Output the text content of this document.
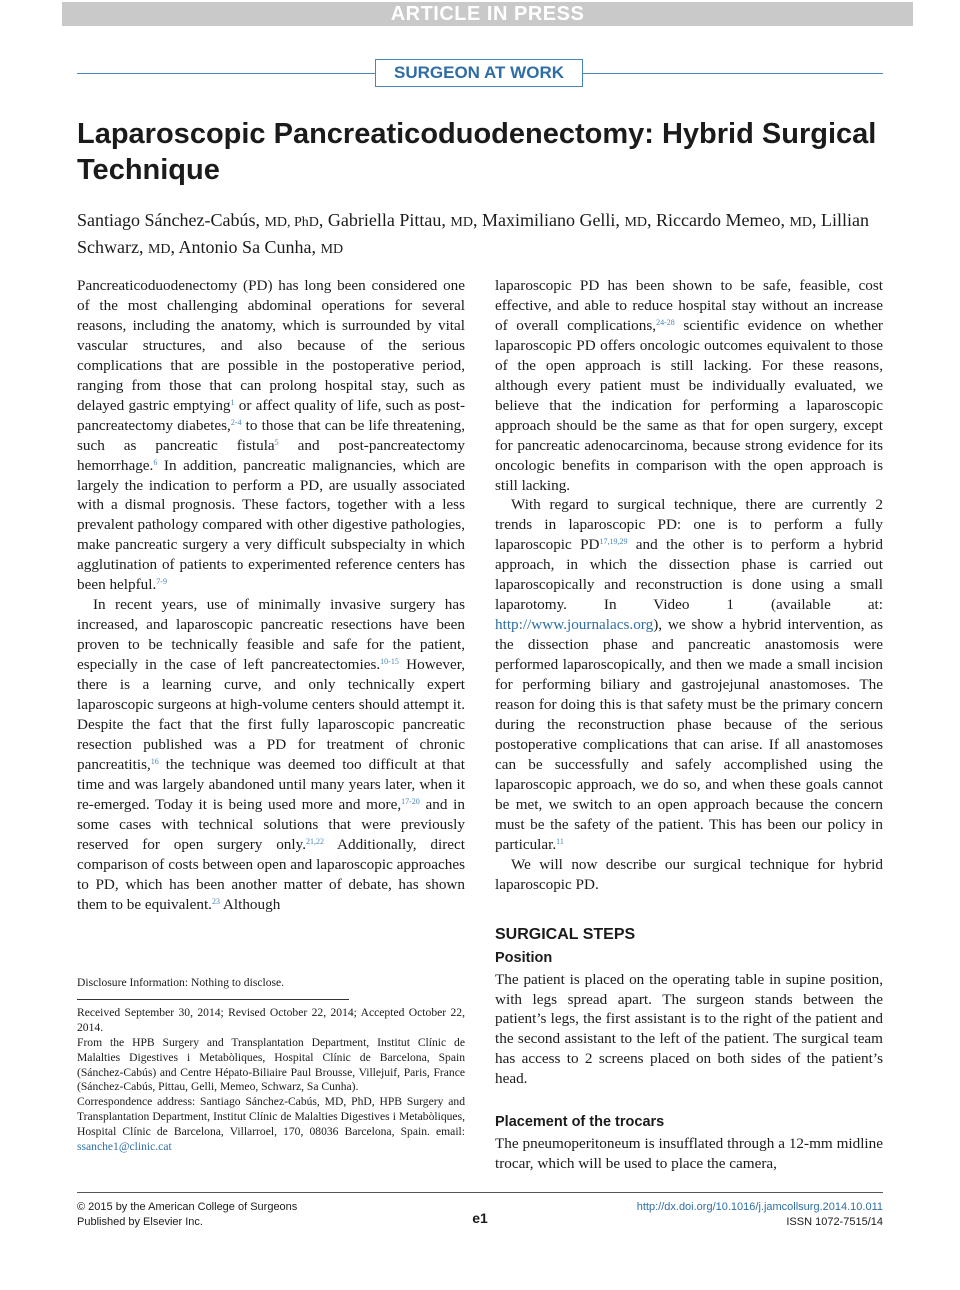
ARTICLE IN PRESS
SURGEON AT WORK
Laparoscopic Pancreaticoduodenectomy: Hybrid Surgical Technique

Santiago Sánchez-Cabús, MD, PhD, Gabriella Pittau, MD, Maximiliano Gelli, MD, Riccardo Memeo, MD, Lillian Schwarz, MD, Antonio Sa Cunha, MD

Pancreaticoduodenectomy (PD) has long been considered one of the most challenging abdominal operations for several reasons, including the anatomy, which is surrounded by vital vascular structures, and also because of the serious complications that are possible in the postoperative period, ranging from those that can prolong hospital stay, such as delayed gastric emptying$^1$ or affect quality of life, such as post-pancreatectomy diabetes,$^{2-4}$ to those that can be life threatening, such as pancreatic fistula$^5$ and post-pancreatectomy hemorrhage.$^6$ In addition, pancreatic malignancies, which are largely the indication to perform a PD, are usually associated with a dismal prognosis. These factors, together with a less prevalent pathology compared with other digestive pathologies, make pancreatic surgery a very difficult subspecialty in which agglutination of patients to experimented reference centers has been helpful.$^{7-9}$

In recent years, use of minimally invasive surgery has increased, and laparoscopic pancreatic resections have been proven to be technically feasible and safe for the patient, especially in the case of left pancreatectomies.$^{10-15}$ However, there is a learning curve, and only technically expert laparoscopic surgeons at high-volume centers should attempt it. Despite the fact that the first fully laparoscopic pancreatic resection published was a PD for treatment of chronic pancreatitis,$^{16}$ the technique was deemed too difficult at that time and was largely abandoned until many years later, when it re-emerged. Today it is being used more and more,$^{17-20}$ and in some cases with technical solutions that were previously reserved for open surgery only.$^{21,22}$ Additionally, direct comparison of costs between open and laparoscopic approaches to PD, which has been another matter of debate, has shown them to be equivalent.$^{23}$ Although

laparoscopic PD has been shown to be safe, feasible, cost effective, and able to reduce hospital stay without an increase of overall complications,$^{24-28}$ scientific evidence on whether laparoscopic PD offers oncologic outcomes equivalent to those of the open approach is still lacking. For these reasons, although every patient must be individually evaluated, we believe that the indication for performing a laparoscopic approach should be the same as that for open surgery, except for pancreatic adenocarcinoma, because strong evidence for its oncologic benefits in comparison with the open approach is still lacking.

With regard to surgical technique, there are currently 2 trends in laparoscopic PD: one is to perform a fully laparoscopic PD$^{17,19,29}$ and the other is to perform a hybrid approach, in which the dissection phase is carried out laparoscopically and reconstruction is done using a small laparotomy. In Video 1 (available at: http://www.journalacs.org), we show a hybrid intervention, as the dissection phase and pancreatic anastomosis were performed laparoscopically, and then we made a small incision for performing biliary and gastrojejunal anastomoses. The reason for doing this is that safety must be the primary concern during the reconstruction phase because of the serious postoperative complications that can arise. If all anastomoses can be successfully and safely accomplished using the laparoscopic approach, we do so, and when these goals cannot be met, we switch to an open approach because the concern must be the safety of the patient. This has been our policy in particular.$^{11}$

We will now describe our surgical technique for hybrid laparoscopic PD.

SURGICAL STEPS

Position

The patient is placed on the operating table in supine position, with legs spread apart. The surgeon stands between the patient’s legs, the first assistant is to the right of the patient and the second assistant to the left of the patient. The surgical team has access to 2 screens placed on both sides of the patient’s head.

Placement of the trocars

The pneumoperitoneum is insufflated through a 12-mm midline trocar, which will be used to place the camera,

Disclosure Information: Nothing to disclose.

Received September 30, 2014; Revised October 22, 2014; Accepted October 22, 2014.

From the HPB Surgery and Transplantation Department, Institut Clínic de Malalties Digestives i Metabòliques, Hospital Clínic de Barcelona, Spain (Sánchez-Cabús) and Centre Hépato-Biliaire Paul Brousse, Villejuif, Paris, France (Sánchez-Cabús, Pittau, Gelli, Memeo, Schwarz, Sa Cunha).

Correspondence address: Santiago Sánchez-Cabús, MD, PhD, HPB Surgery and Transplantation Department, Institut Clínic de Malalties Digestives i Metabòliques, Hospital Clínic de Barcelona, Villarroel, 170, 08036 Barcelona, Spain. email: ssanche1@clinic.cat

© 2015 by the American College of Surgeons
Published by Elsevier Inc.	e1
http://dx.doi.org/10.1016/j.jamcollsurg.2014.10.011
ISSN 1072-7515/14
